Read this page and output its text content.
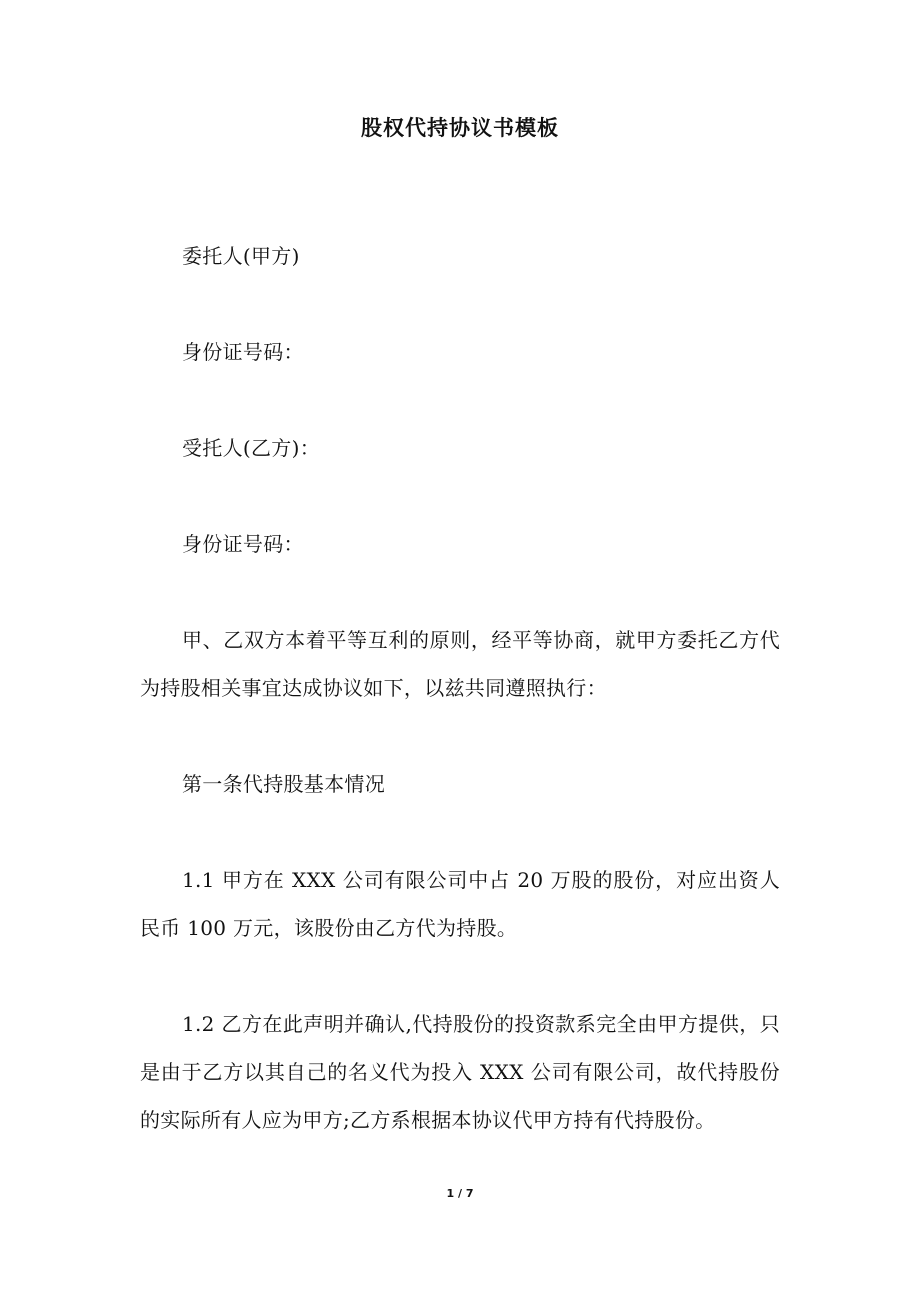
股权代持协议书模板

委托人(甲方)

身份证号码：

受托人(乙方)：

身份证号码：

甲、乙双方本着平等互利的原则，经平等协商，就甲方委托乙方代为持股相关事宜达成协议如下，以兹共同遵照执行：

第一条代持股基本情况

1.1 甲方在 XXX 公司有限公司中占 20 万股的股份，对应出资人民币 100 万元，该股份由乙方代为持股。

1.2 乙方在此声明并确认,代持股份的投资款系完全由甲方提供，只是由于乙方以其自己的名义代为投入 XXX 公司有限公司，故代持股份的实际所有人应为甲方;乙方系根据本协议代甲方持有代持股份。

1 / 7
